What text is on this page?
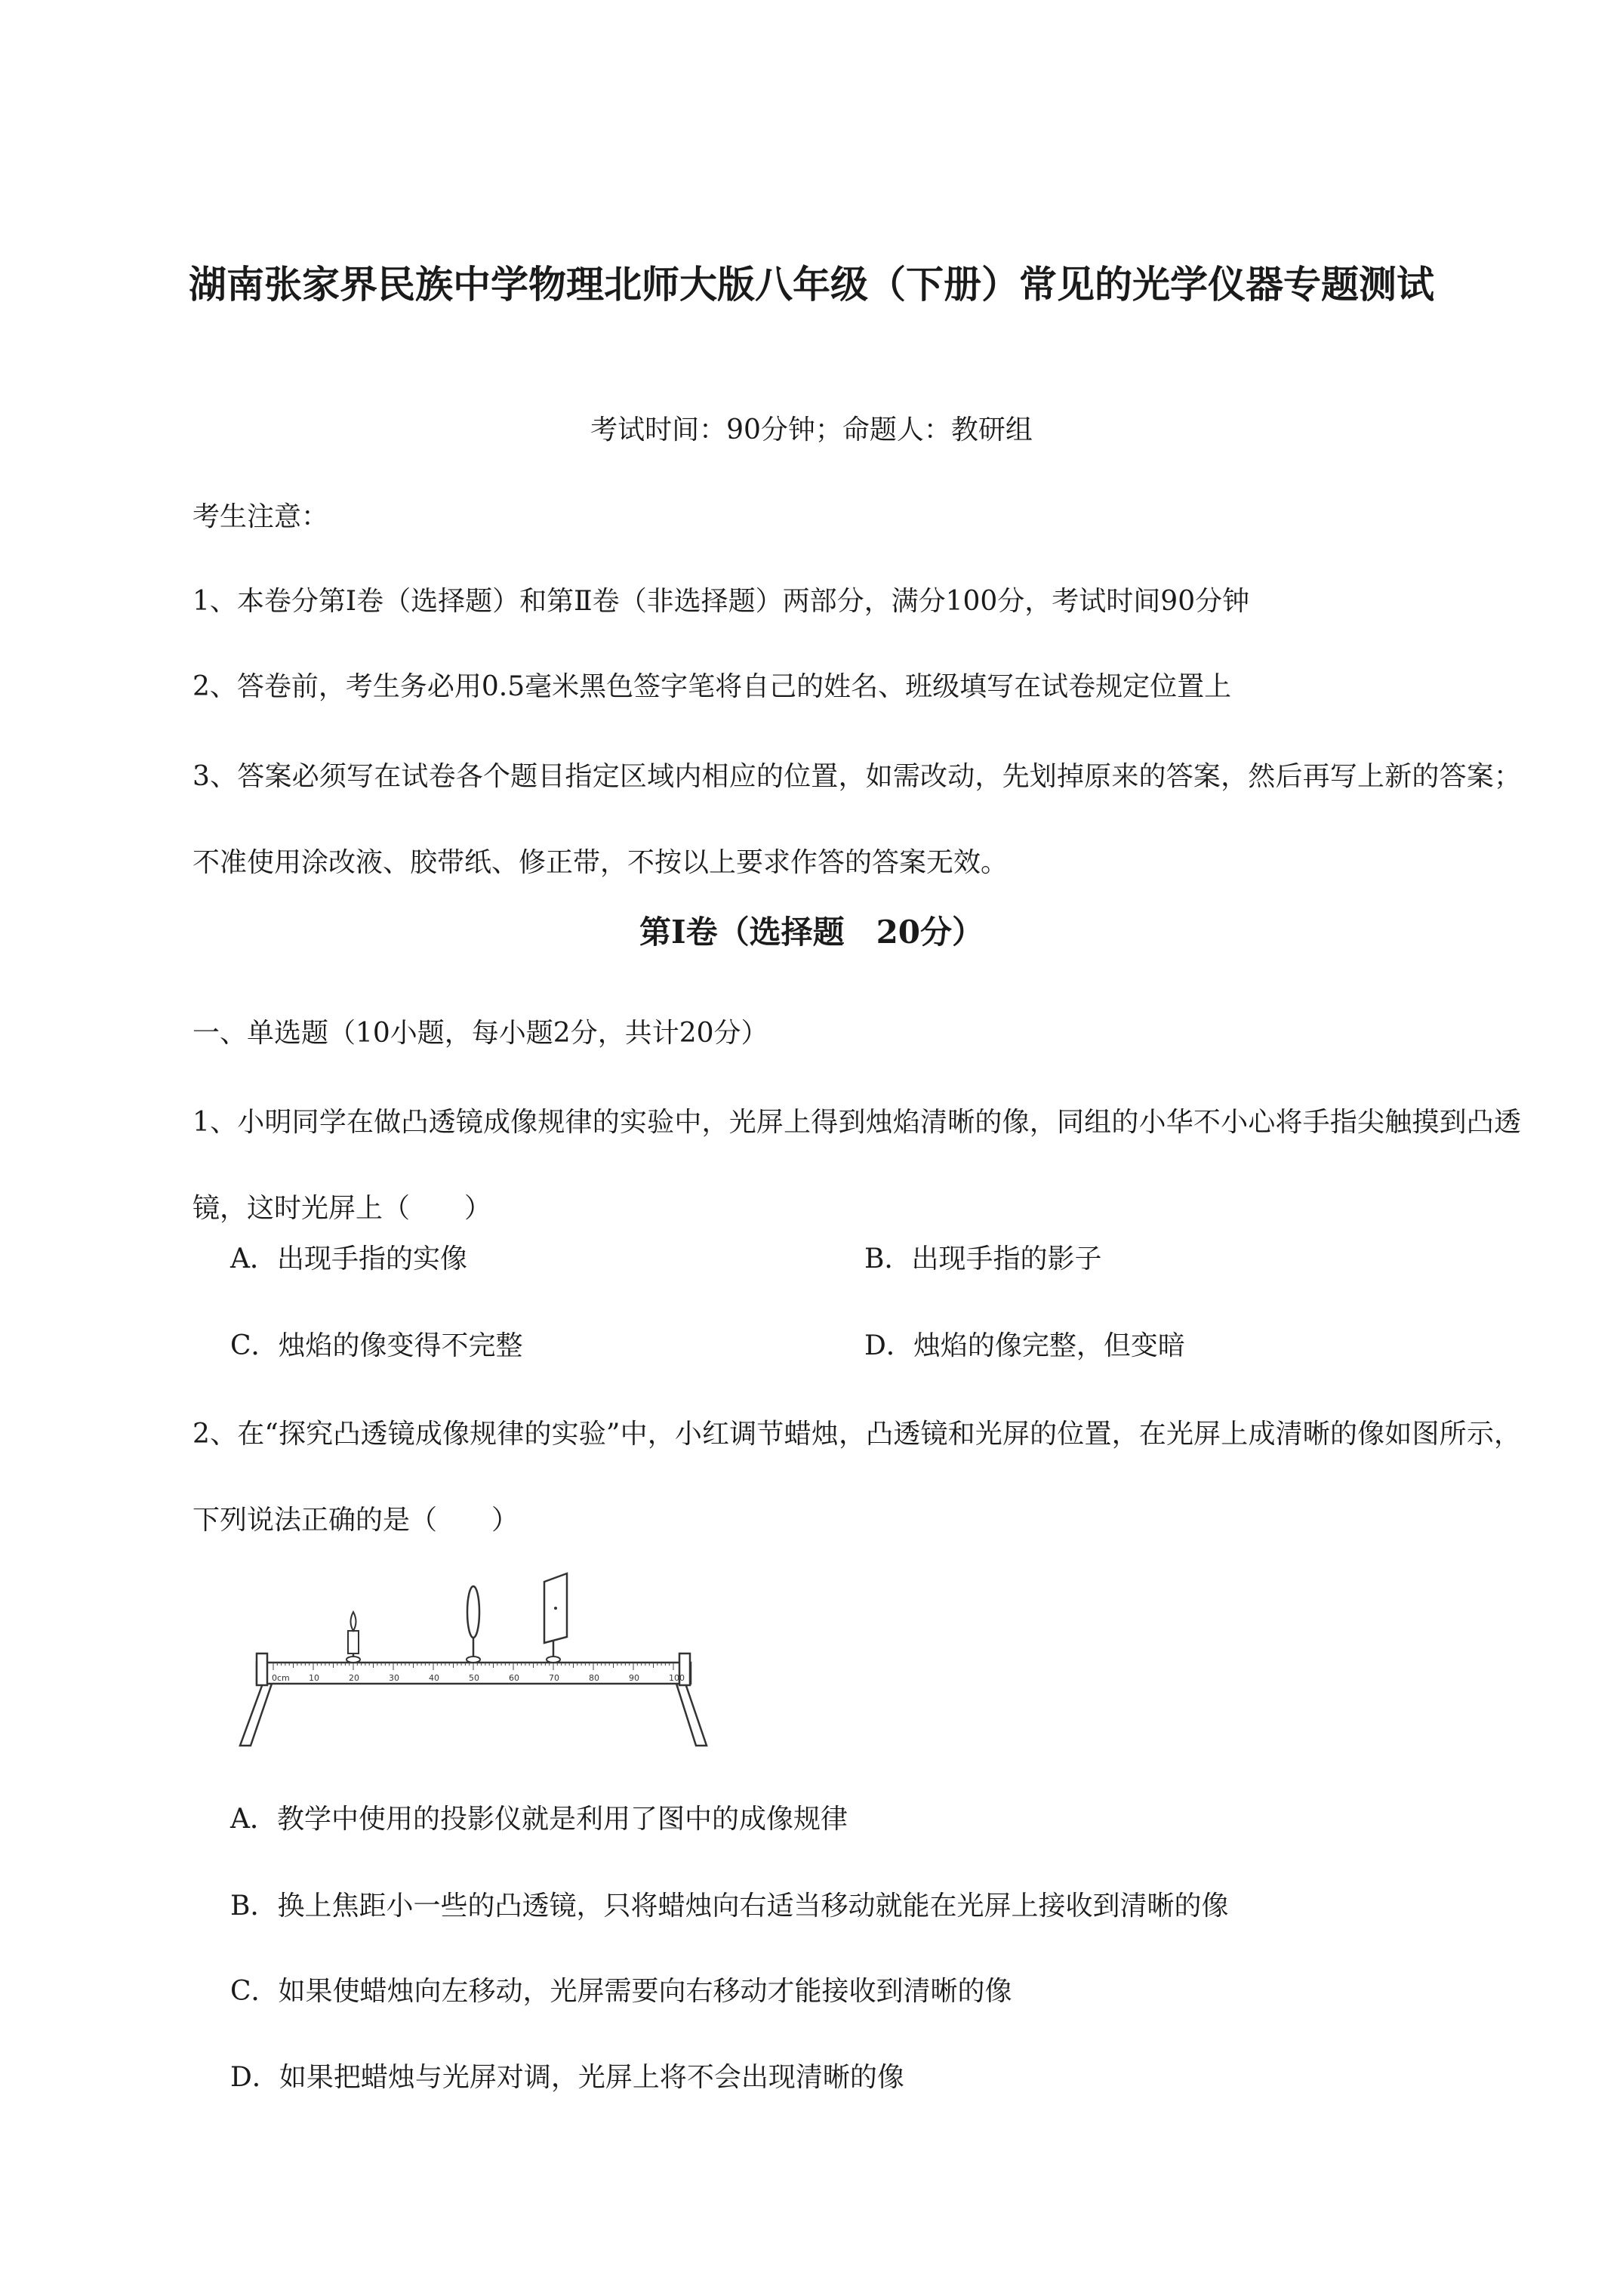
湖南张家界民族中学物理北师大版八年级（下册）常见的光学仪器专题测试
考试时间：90分钟；命题人：教研组
考生注意：
1、本卷分第Ⅰ卷（选择题）和第Ⅱ卷（非选择题）两部分，满分100分，考试时间90分钟
2、答卷前，考生务必用0.5毫米黑色签字笔将自己的姓名、班级填写在试卷规定位置上
3、答案必须写在试卷各个题目指定区域内相应的位置，如需改动，先划掉原来的答案，然后再写上新的答案；不准使用涂改液、胶带纸、修正带，不按以上要求作答的答案无效。
第Ⅰ卷（选择题　20分）
一、单选题（10小题，每小题2分，共计20分）
1、小明同学在做凸透镜成像规律的实验中，光屏上得到烛焰清晰的像，同组的小华不小心将手指尖触摸到凸透镜，这时光屏上（　　）
A．出现手指的实像	B．出现手指的影子
C．烛焰的像变得不完整	D．烛焰的像完整，但变暗
2、在“探究凸透镜成像规律的实验”中，小红调节蜡烛，凸透镜和光屏的位置，在光屏上成清晰的像如图所示，下列说法正确的是（　　）
0cm 10	20	30	40	50	60	70	80	90	100
A．教学中使用的投影仪就是利用了图中的成像规律
B．换上焦距小一些的凸透镜，只将蜡烛向右适当移动就能在光屏上接收到清晰的像
C．如果使蜡烛向左移动，光屏需要向右移动才能接收到清晰的像
D．如果把蜡烛与光屏对调，光屏上将不会出现清晰的像
